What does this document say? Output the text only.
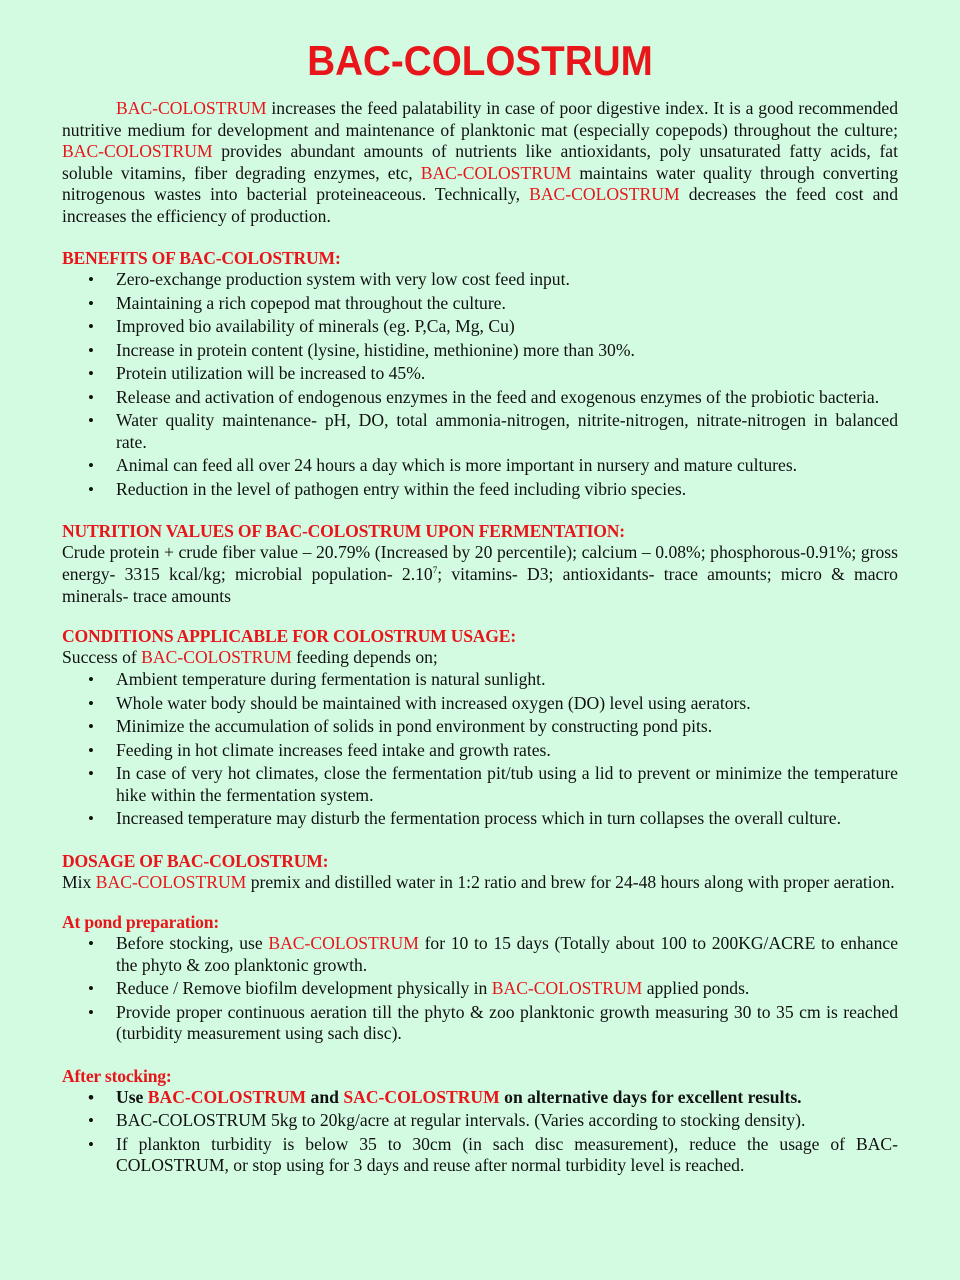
BAC-COLOSTRUM

BAC-COLOSTRUM increases the feed palatability in case of poor digestive index. It is a good recommended nutritive medium for development and maintenance of planktonic mat (especially copepods) throughout the culture; BAC-COLOSTRUM provides abundant amounts of nutrients like antioxidants, poly unsaturated fatty acids, fat soluble vitamins, fiber degrading enzymes, etc, BAC-COLOSTRUM maintains water quality through converting nitrogenous wastes into bacterial proteineaceous. Technically, BAC-COLOSTRUM decreases the feed cost and increases the efficiency of production.

BENEFITS OF BAC-COLOSTRUM:
• Zero-exchange production system with very low cost feed input.
• Maintaining a rich copepod mat throughout the culture.
• Improved bio availability of minerals (eg. P,Ca, Mg, Cu)
• Increase in protein content (lysine, histidine, methionine) more than 30%.
• Protein utilization will be increased to 45%.
• Release and activation of endogenous enzymes in the feed and exogenous enzymes of the probiotic bacteria.
• Water quality maintenance- pH, DO, total ammonia-nitrogen, nitrite-nitrogen, nitrate-nitrogen in balanced rate.
• Animal can feed all over 24 hours a day which is more important in nursery and mature cultures.
• Reduction in the level of pathogen entry within the feed including vibrio species.
NUTRITION VALUES OF BAC-COLOSTRUM UPON FERMENTATION:

Crude protein + crude fiber value – 20.79% (Increased by 20 percentile); calcium – 0.08%; phosphorous-0.91%; gross energy- 3315 kcal/kg; microbial population- 2.10$^7$; vitamins- D3; antioxidants- trace amounts; micro & macro minerals- trace amounts

CONDITIONS APPLICABLE FOR COLOSTRUM USAGE:

Success of BAC-COLOSTRUM feeding depends on;

• Ambient temperature during fermentation is natural sunlight.
• Whole water body should be maintained with increased oxygen (DO) level using aerators.
• Minimize the accumulation of solids in pond environment by constructing pond pits.
• Feeding in hot climate increases feed intake and growth rates.
• In case of very hot climates, close the fermentation pit/tub using a lid to prevent or minimize the temperature hike within the fermentation system.
• Increased temperature may disturb the fermentation process which in turn collapses the overall culture.
DOSAGE OF BAC-COLOSTRUM:

Mix BAC-COLOSTRUM premix and distilled water in 1:2 ratio and brew for 24-48 hours along with proper aeration.

At pond preparation:
• Before stocking, use BAC-COLOSTRUM for 10 to 15 days (Totally about 100 to 200KG/ACRE to enhance the phyto & zoo planktonic growth.
• Reduce / Remove biofilm development physically in BAC-COLOSTRUM applied ponds.
• Provide proper continuous aeration till the phyto & zoo planktonic growth measuring 30 to 35 cm is reached (turbidity measurement using sach disc).
After stocking:
• Use BAC-COLOSTRUM and SAC-COLOSTRUM on alternative days for excellent results.
• BAC-COLOSTRUM 5kg to 20kg/acre at regular intervals. (Varies according to stocking density).
• If plankton turbidity is below 35 to 30cm (in sach disc measurement), reduce the usage of BAC-COLOSTRUM, or stop using for 3 days and reuse after normal turbidity level is reached.
